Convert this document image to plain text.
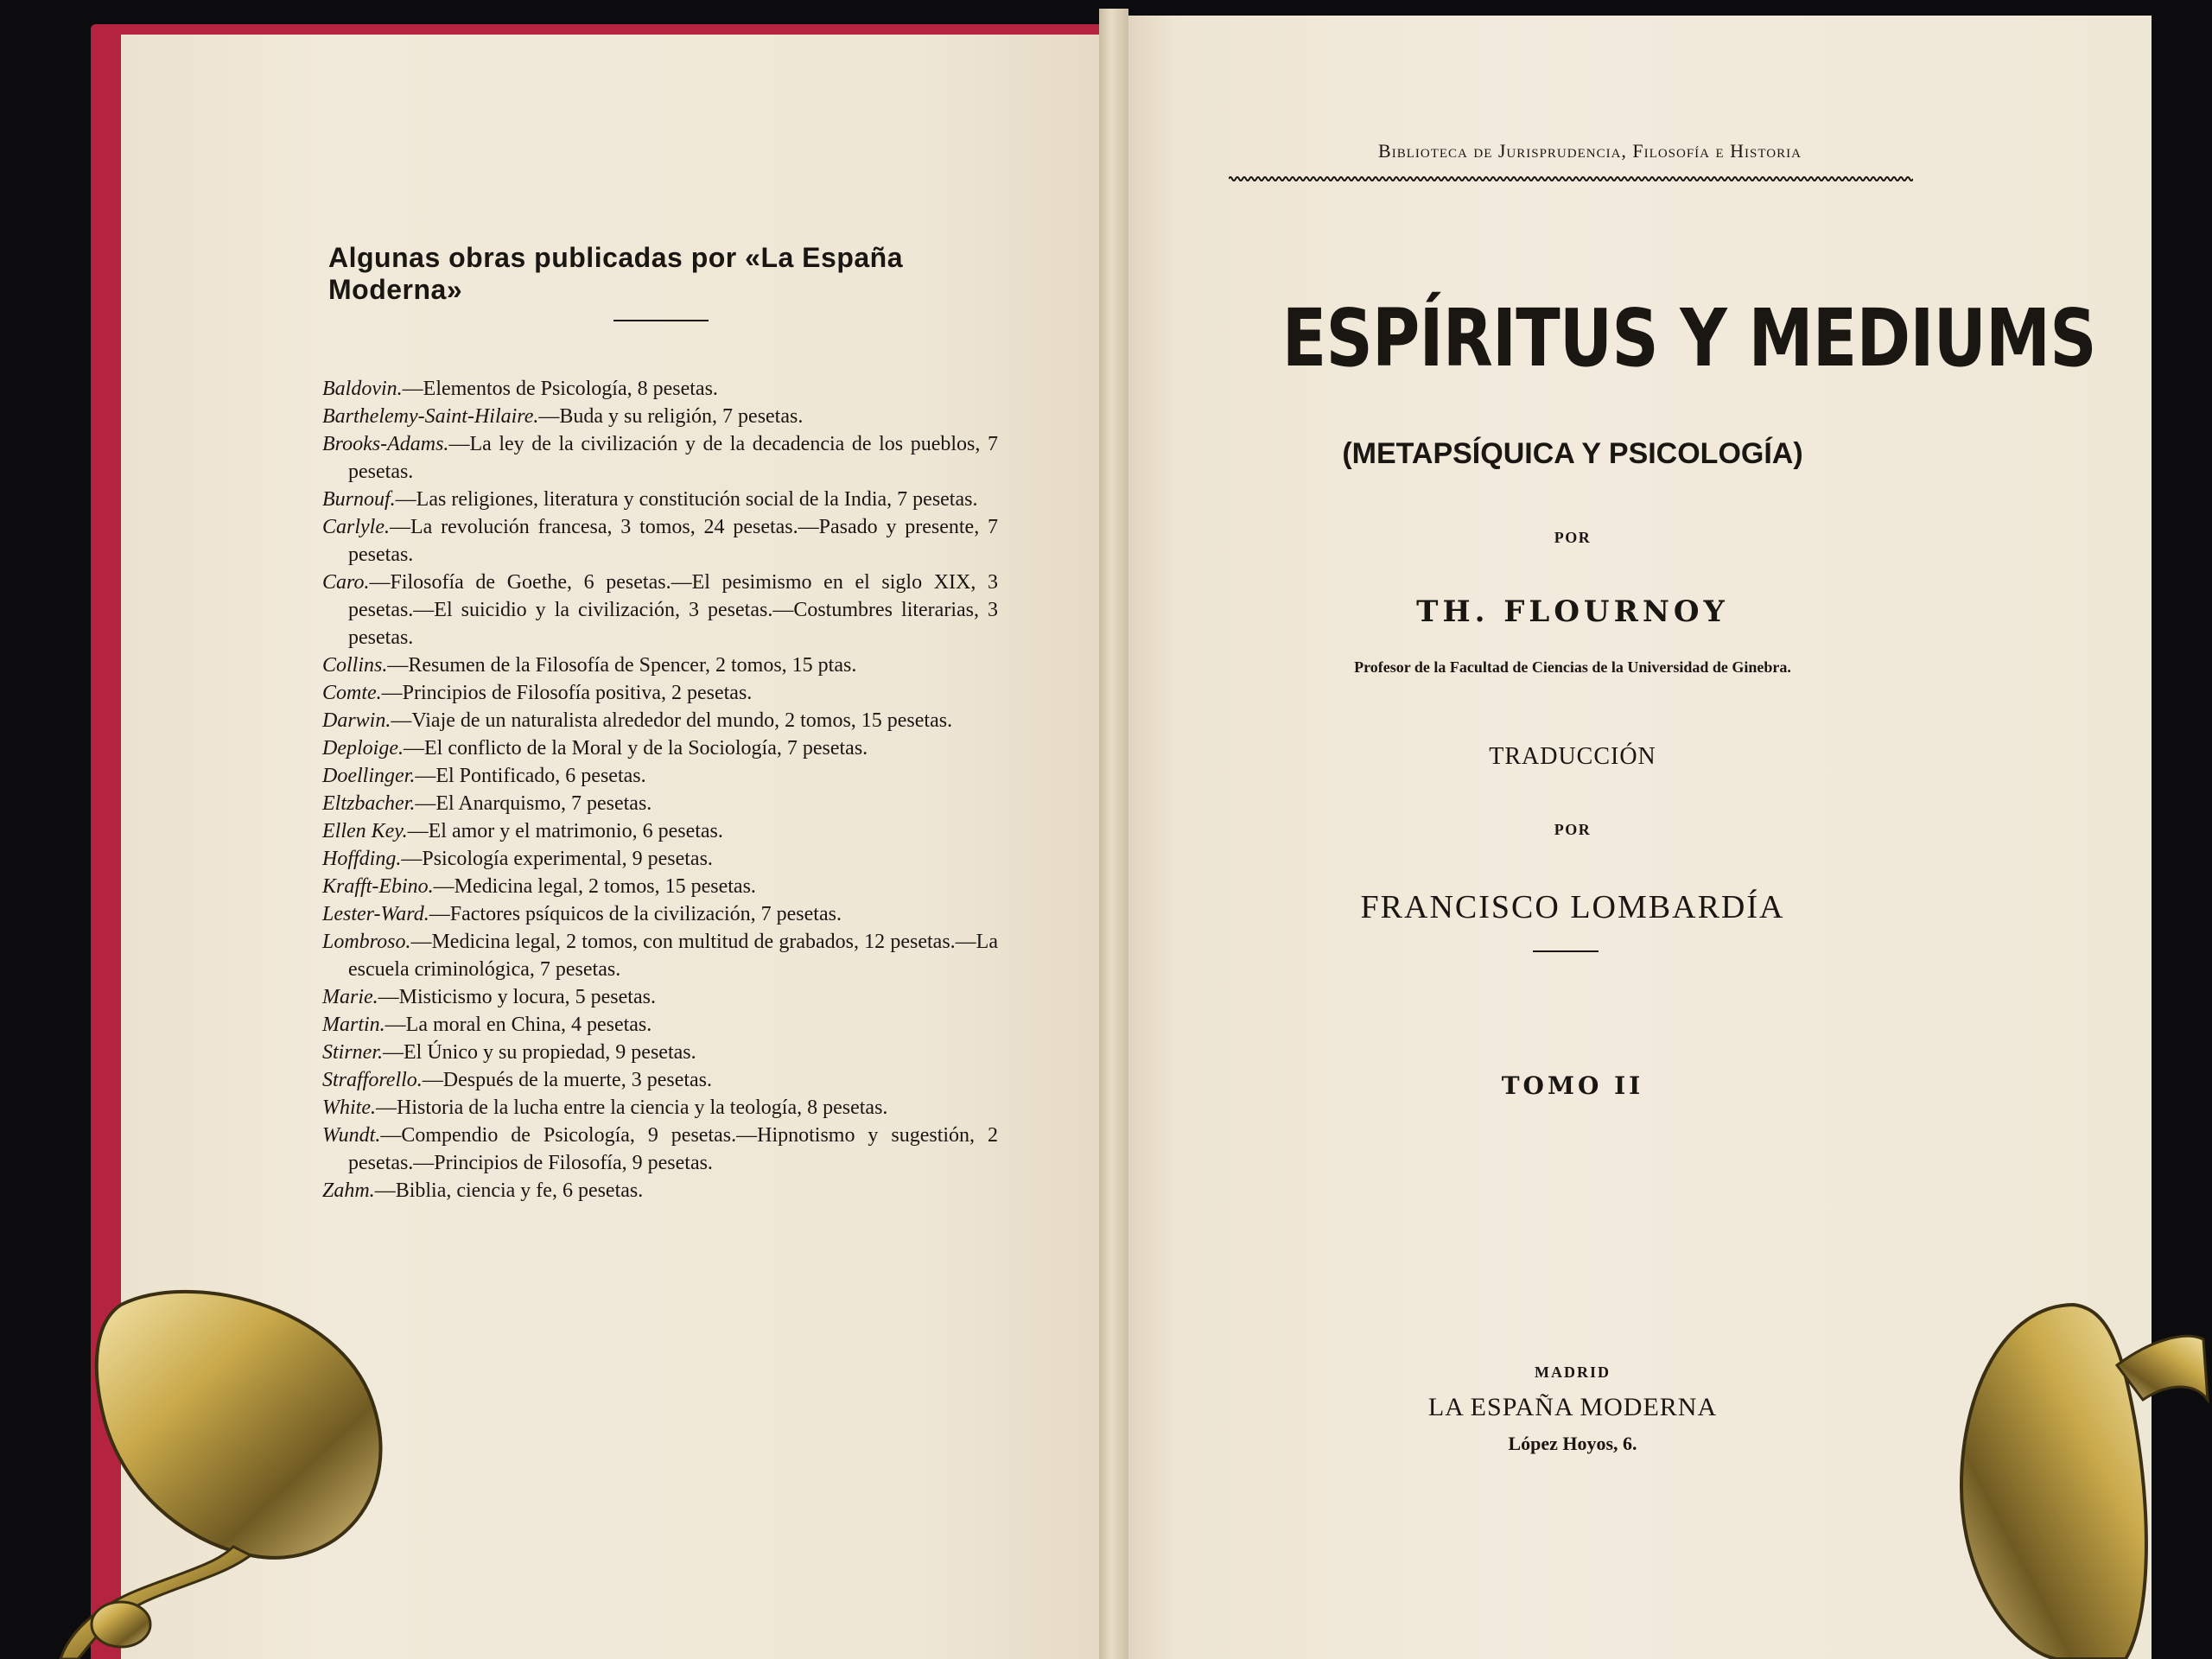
Algunas obras publicadas por «La España Moderna»
Baldovin.—Elementos de Psicología, 8 pesetas.
Barthelemy-Saint-Hilaire.—Buda y su religión, 7 pesetas.
Brooks-Adams.—La ley de la civilización y de la decadencia de los pueblos, 7 pesetas.
Burnouf.—Las religiones, literatura y constitución social de la India, 7 pesetas.
Carlyle.—La revolución francesa, 3 tomos, 24 pesetas.—Pasado y presente, 7 pesetas.
Caro.—Filosofía de Goethe, 6 pesetas.—El pesimismo en el siglo XIX, 3 pesetas.—El suicidio y la civilización, 3 pesetas.—Costumbres literarias, 3 pesetas.
Collins.—Resumen de la Filosofía de Spencer, 2 tomos, 15 ptas.
Comte.—Principios de Filosofía positiva, 2 pesetas.
Darwin.—Viaje de un naturalista alrededor del mundo, 2 tomos, 15 pesetas.
Deploige.—El conflicto de la Moral y de la Sociología, 7 pesetas.
Doellinger.—El Pontificado, 6 pesetas.
Eltzbacher.—El Anarquismo, 7 pesetas.
Ellen Key.—El amor y el matrimonio, 6 pesetas.
Hoffding.—Psicología experimental, 9 pesetas.
Krafft-Ebino.—Medicina legal, 2 tomos, 15 pesetas.
Lester-Ward.—Factores psíquicos de la civilización, 7 pesetas.
Lombroso.—Medicina legal, 2 tomos, con multitud de grabados, 12 pesetas.—La escuela criminológica, 7 pesetas.
Marie.—Misticismo y locura, 5 pesetas.
Martin.—La moral en China, 4 pesetas.
Stirner.—El Único y su propiedad, 9 pesetas.
Strafforello.—Después de la muerte, 3 pesetas.
White.—Historia de la lucha entre la ciencia y la teología, 8 pesetas.
Wundt.—Compendio de Psicología, 9 pesetas.—Hipnotismo y sugestión, 2 pesetas.—Principios de Filosofía, 9 pesetas.
Zahm.—Biblia, ciencia y fe, 6 pesetas.
Biblioteca de Jurisprudencia, Filosofía e Historia
ESPÍRITUS Y MEDIUMS
(METAPSÍQUICA Y PSICOLOGÍA)
POR
TH. FLOURNOY
Profesor de la Facultad de Ciencias de la Universidad de Ginebra.
TRADUCCIÓN
POR
FRANCISCO LOMBARDÍA
TOMO II
MADRID
LA ESPAÑA MODERNA
López Hoyos, 6.
